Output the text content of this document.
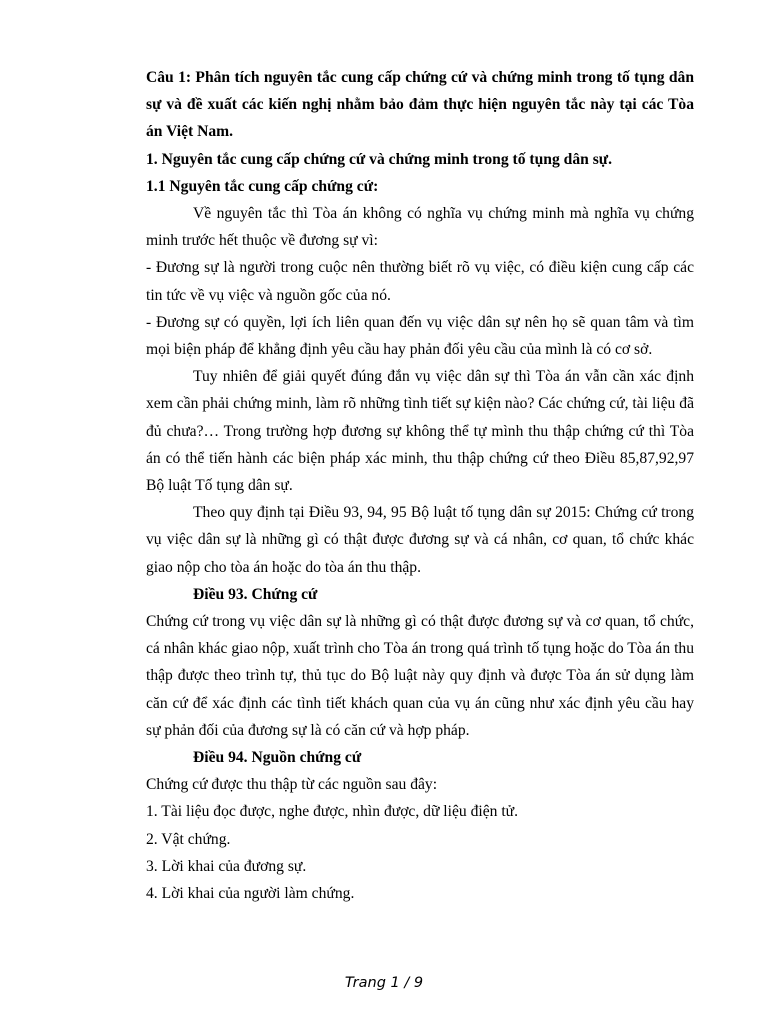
Câu 1: Phân tích nguyên tắc cung cấp chứng cứ và chứng minh trong tố tụng dân sự và đề xuất các kiến nghị nhằm bảo đảm thực hiện nguyên tắc này tại các Tòa án Việt Nam.

1. Nguyên tắc cung cấp chứng cứ và chứng minh trong tố tụng dân sự.

1.1 Nguyên tắc cung cấp chứng cứ:

Về nguyên tắc thì Tòa án không có nghĩa vụ chứng minh mà nghĩa vụ chứng minh trước hết thuộc về đương sự vì:

- Đương sự là người trong cuộc nên thường biết rõ vụ việc, có điều kiện cung cấp các tin tức về vụ việc và nguồn gốc của nó.

- Đương sự có quyền, lợi ích liên quan đến vụ việc dân sự nên họ sẽ quan tâm và tìm mọi biện pháp để khẳng định yêu cầu hay phản đối yêu cầu của mình là có cơ sở.

Tuy nhiên để giải quyết đúng đắn vụ việc dân sự thì Tòa án vẫn cần xác định xem cần phải chứng minh, làm rõ những tình tiết sự kiện nào? Các chứng cứ, tài liệu đã đủ chưa?… Trong trường hợp đương sự không thể tự mình thu thập chứng cứ thì Tòa án có thể tiến hành các biện pháp xác minh, thu thập chứng cứ theo Điều 85,87,92,97 Bộ luật Tố tụng dân sự.

Theo quy định tại Điều 93, 94, 95 Bộ luật tố tụng dân sự 2015: Chứng cứ trong vụ việc dân sự là những gì có thật được đương sự và cá nhân, cơ quan, tổ chức khác giao nộp cho tòa án hoặc do tòa án thu thập.

Điều 93. Chứng cứ

Chứng cứ trong vụ việc dân sự là những gì có thật được đương sự và cơ quan, tổ chức, cá nhân khác giao nộp, xuất trình cho Tòa án trong quá trình tố tụng hoặc do Tòa án thu thập được theo trình tự, thủ tục do Bộ luật này quy định và được Tòa án sử dụng làm căn cứ để xác định các tình tiết khách quan của vụ án cũng như xác định yêu cầu hay sự phản đối của đương sự là có căn cứ và hợp pháp.

Điều 94. Nguồn chứng cứ

Chứng cứ được thu thập từ các nguồn sau đây:

1. Tài liệu đọc được, nghe được, nhìn được, dữ liệu điện tử.

2. Vật chứng.

3. Lời khai của đương sự.

4. Lời khai của người làm chứng.

Trang 1 / 9
